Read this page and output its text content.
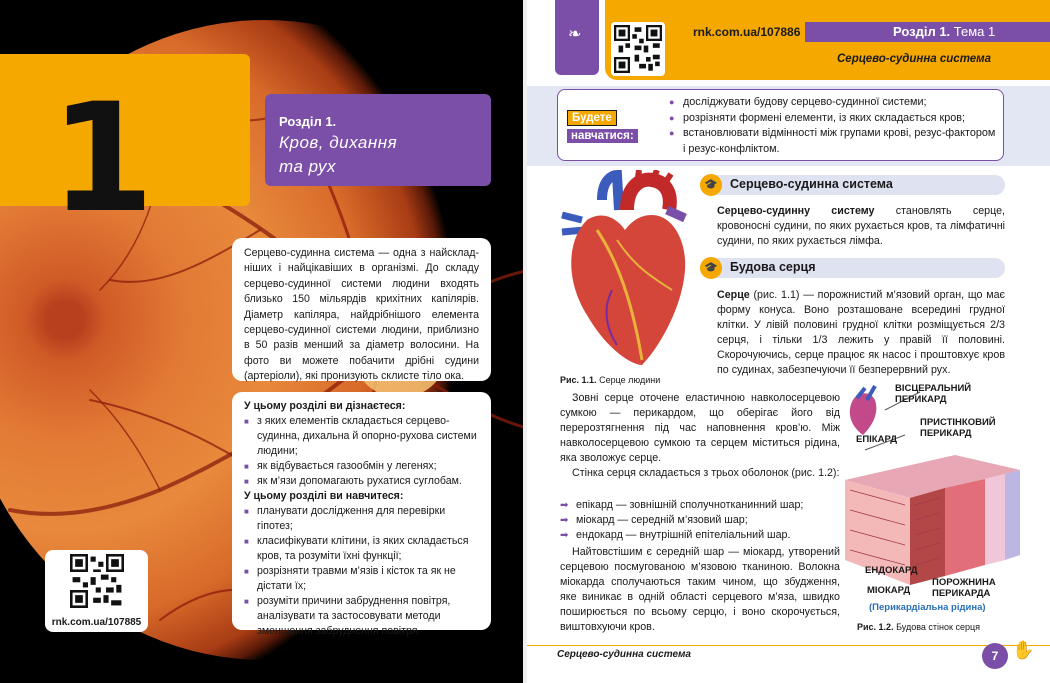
1	Розділ 1.
Кров, дихання
та рух

Серцево-судинна система — одна з найсклад-ніших і найцікавіших в організмі. До складу серцево-судинної системи людини входять близько 150 мільярдів крихітних капілярів. Діаметр капіляра, найдрібнішого елемента серцево-судинної системи людини, приблизно в 50 разів менший за діаметр волосини. На фото ви можете побачити дрібні судини (артеріоли), які пронизують склисте тіло ока.

У цьому розділі ви дізнаєтеся:
■ з яких елементів складається серцево-судинна, дихальна й опорно-рухова системи людини;
■ як відбувається газообмін у легенях;
■ як м’язи допомагають рухатися суглобам.
У цьому розділі ви навчитеся:
■ планувати дослідження для перевірки гіпотез;
■ класифікувати клітини, із яких складається кров, та розуміти їхні функції;
■ розрізняти травми м’язів і кісток та як не дістати їх;
■ розуміти причини забруднення повітря, аналізувати та застосовувати методи зменшення забруднення повітря.
rnk.com.ua/107885
❧	rnk.com.ua/107886	Розділ 1. Тема 1
Серцево-судинна система
Будете
навчатися:
● досліджувати будову серцево-судинної системи;
● розрізняти формені елементи, із яких складається кров;
● встановлювати відмінності між групами крові, резус-фактором і резус-конфліктом.
Рис. 1.1. Серце людини
🎓 Серцево-судинна система

Серцево-судинну систему становлять серце, кровоносні судини, по яких рухається кров, та лімфатичні судини, по яких рухається лімфа.

🎓 Будова серця

Серце (рис. 1.1) — порожнистий м’язовий орган, що має форму конуса. Воно розташоване всередині грудної клітки. У лівій половині грудної клітки розміщується 2/3 серця, і тільки 1/3 лежить у правій її половині. Скорочуючись, серце працює як насос і проштовхує кров по судинах, забезпечуючи її безперервний рух.

Зовні серце оточене еластичною навколосерцевою сумкою — перикардом, що оберігає його від перерозтягнення під час наповнення кров’ю. Між навколосерцевою сумкою та серцем міститься рідина, яка зволожує серце.

Стінка серця складається з трьох оболонок (рис. 1.2):

➡ епікард — зовнішній сполучнотканинний шар;
➡ міокард — середній м’язовий шар;
➡ ендокард — внутрішній епітеліальний шар.

Найтовстішим є середній шар — міокард, утворений серцевою посмугованою м’язовою тканиною. Волокна міокарда сполучаються таким чином, що збудження, яке виникає в одній області серцевого м’яза, швидко поширюється по всьому серцю, і воно скорочується, виштовхуючи кров.

ВІСЦЕРАЛЬНИЙ
ПЕРИКАРД
ПРИСТІНКОВИЙ
ПЕРИКАРД
ЕПІКАРД
ЕНДОКАРД
МІОКАРД
ПОРОЖНИНА
ПЕРИКАРДА
(Перикардіальна рідина)
Рис. 1.2. Будова стінок серця
Серцево-судинна система	7 ✋
